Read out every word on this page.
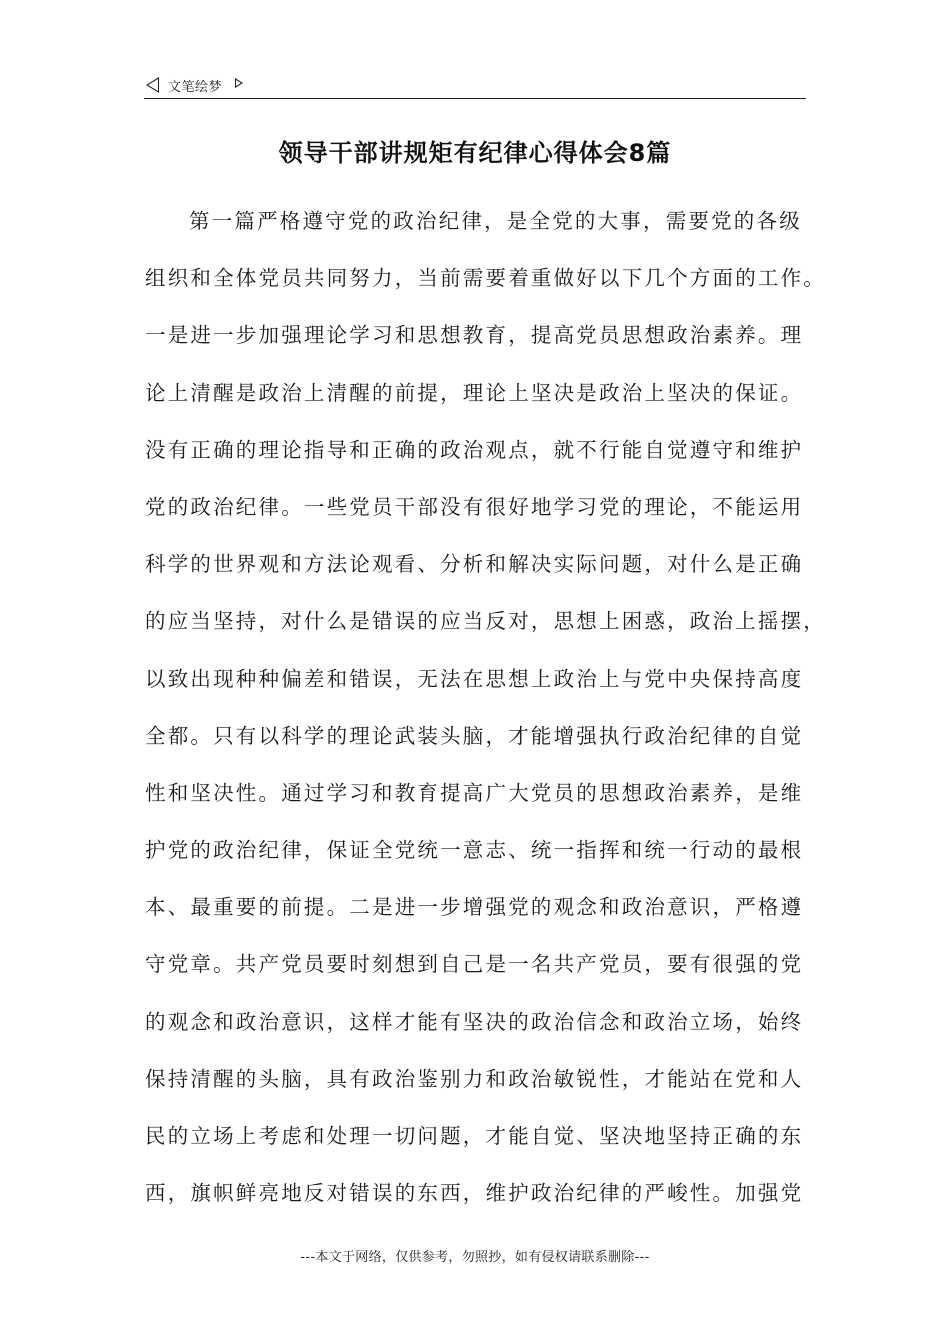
文笔绘梦
领导干部讲规矩有纪律心得体会8篇
第一篇严格遵守党的政治纪律，是全党的大事，需要党的各级
组织和全体党员共同努力，当前需要着重做好以下几个方面的工作。
一是进一步加强理论学习和思想教育，提高党员思想政治素养。理
论上清醒是政治上清醒的前提，理论上坚决是政治上坚决的保证。
没有正确的理论指导和正确的政治观点，就不行能自觉遵守和维护
党的政治纪律。一些党员干部没有很好地学习党的理论，不能运用
科学的世界观和方法论观看、分析和解决实际问题，对什么是正确
的应当坚持，对什么是错误的应当反对，思想上困惑，政治上摇摆，
以致出现种种偏差和错误，无法在思想上政治上与党中央保持高度
全都。只有以科学的理论武装头脑，才能增强执行政治纪律的自觉
性和坚决性。通过学习和教育提高广大党员的思想政治素养，是维
护党的政治纪律，保证全党统一意志、统一指挥和统一行动的最根
本、最重要的前提。二是进一步增强党的观念和政治意识，严格遵
守党章。共产党员要时刻想到自己是一名共产党员，要有很强的党
的观念和政治意识，这样才能有坚决的政治信念和政治立场，始终
保持清醒的头脑，具有政治鉴别力和政治敏锐性，才能站在党和人
民的立场上考虑和处理一切问题，才能自觉、坚决地坚持正确的东
西，旗帜鲜亮地反对错误的东西，维护政治纪律的严峻性。加强党
---本文于网络，仅供参考，勿照抄，如有侵权请联系删除---
